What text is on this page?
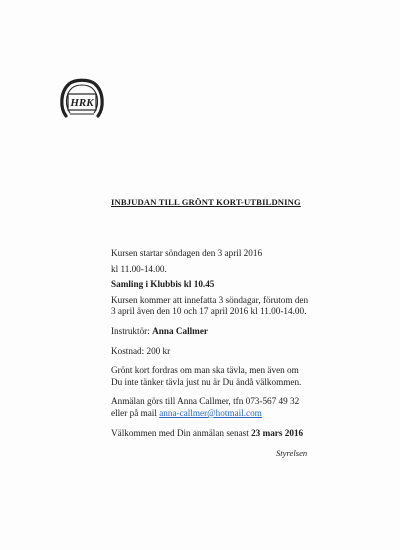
HRK
INBJUDAN TILL GRÖNT KORT-UTBILDNING

Kursen startar söndagen den 3 april 2016

kl 11.00-14.00.

Samling i Klubbis kl 10.45

Kursen kommer att innefatta 3 söndagar, förutom den

3 april även den 10 och 17 april 2016 kl 11.00-14.00.

Instruktör: Anna Callmer

Kostnad: 200 kr

Grönt kort fordras om man ska tävla, men även om

Du inte tänker tävla just nu är Du ändå välkommen.

Anmälan görs till Anna Callmer, tfn 073-567 49 32

eller på mail anna-callmer@hotmail.com

Välkommen med Din anmälan senast 23 mars 2016

Styrelsen
